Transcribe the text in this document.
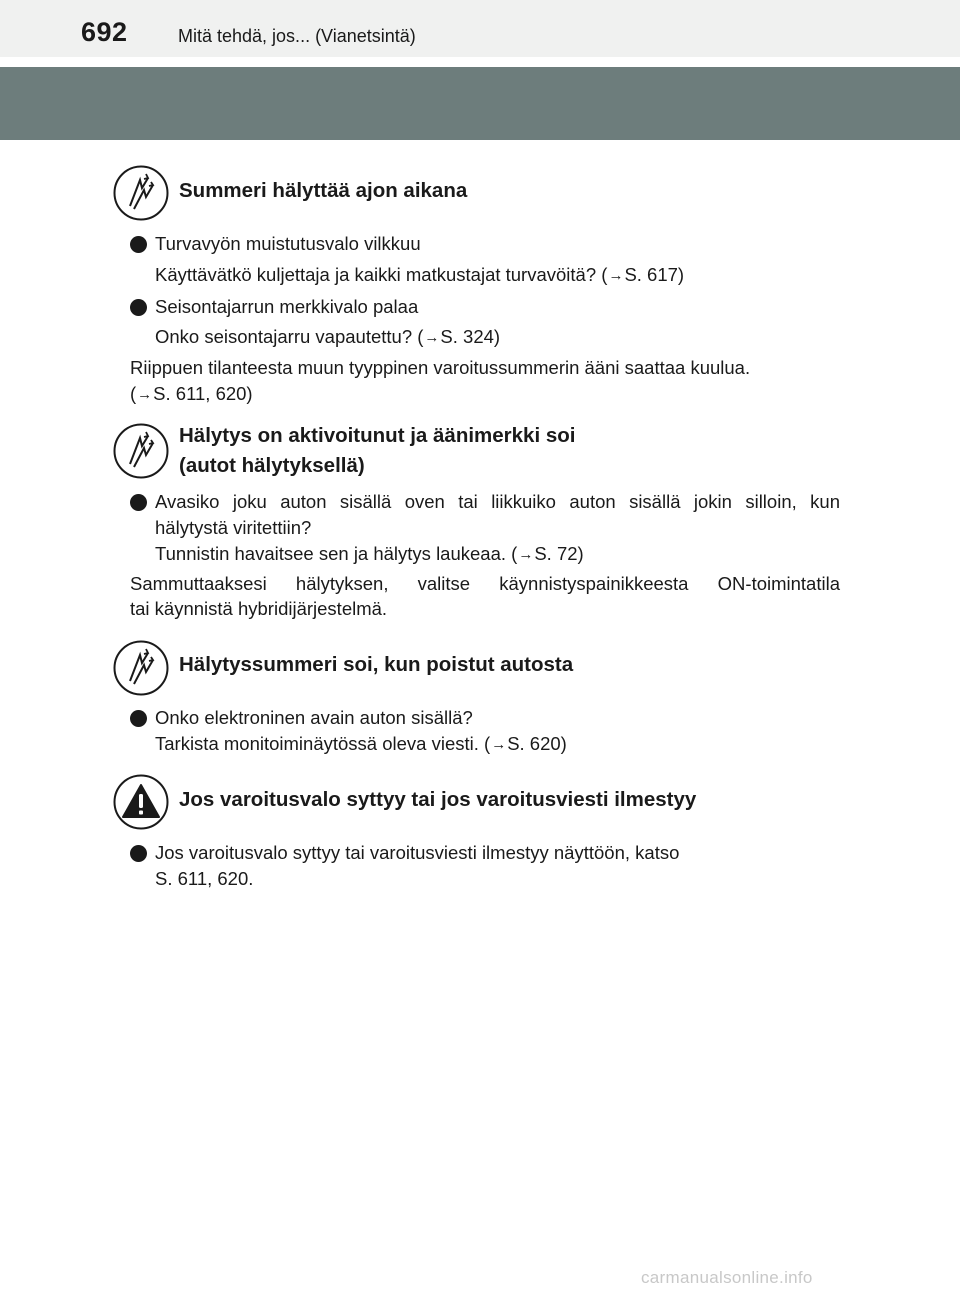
692	Mitä tehdä, jos... (Vianetsintä)
Summeri hälyttää ajon aikana
Turvavyön muistutusvalo vilkkuu
Käyttävätkö kuljettaja ja kaikki matkustajat turvavöitä? (→S. 617)
Seisontajarrun merkkivalo palaa
Onko seisontajarru vapautettu? (→S. 324)
Riippuen tilanteesta muun tyyppinen varoitussummerin ääni saattaa kuulua.
(→S. 611, 620)
Hälytys on aktivoitunut ja äänimerkki soi
(autot hälytyksellä)
Avasiko joku auton sisällä oven tai liikkuiko auton sisällä jokin silloin, kun
hälytystä viritettiin?
Tunnistin havaitsee sen ja hälytys laukeaa. (→S. 72)
Sammuttaaksesi hälytyksen, valitse käynnistyspainikkeesta ON-toimintatila
tai käynnistä hybridijärjestelmä.
Hälytyssummeri soi, kun poistut autosta
Onko elektroninen avain auton sisällä?
Tarkista monitoiminäytössä oleva viesti. (→S. 620)
Jos varoitusvalo syttyy tai jos varoitusviesti ilmestyy
Jos varoitusvalo syttyy tai varoitusviesti ilmestyy näyttöön, katso
S. 611, 620.
carmanualsonline.info
